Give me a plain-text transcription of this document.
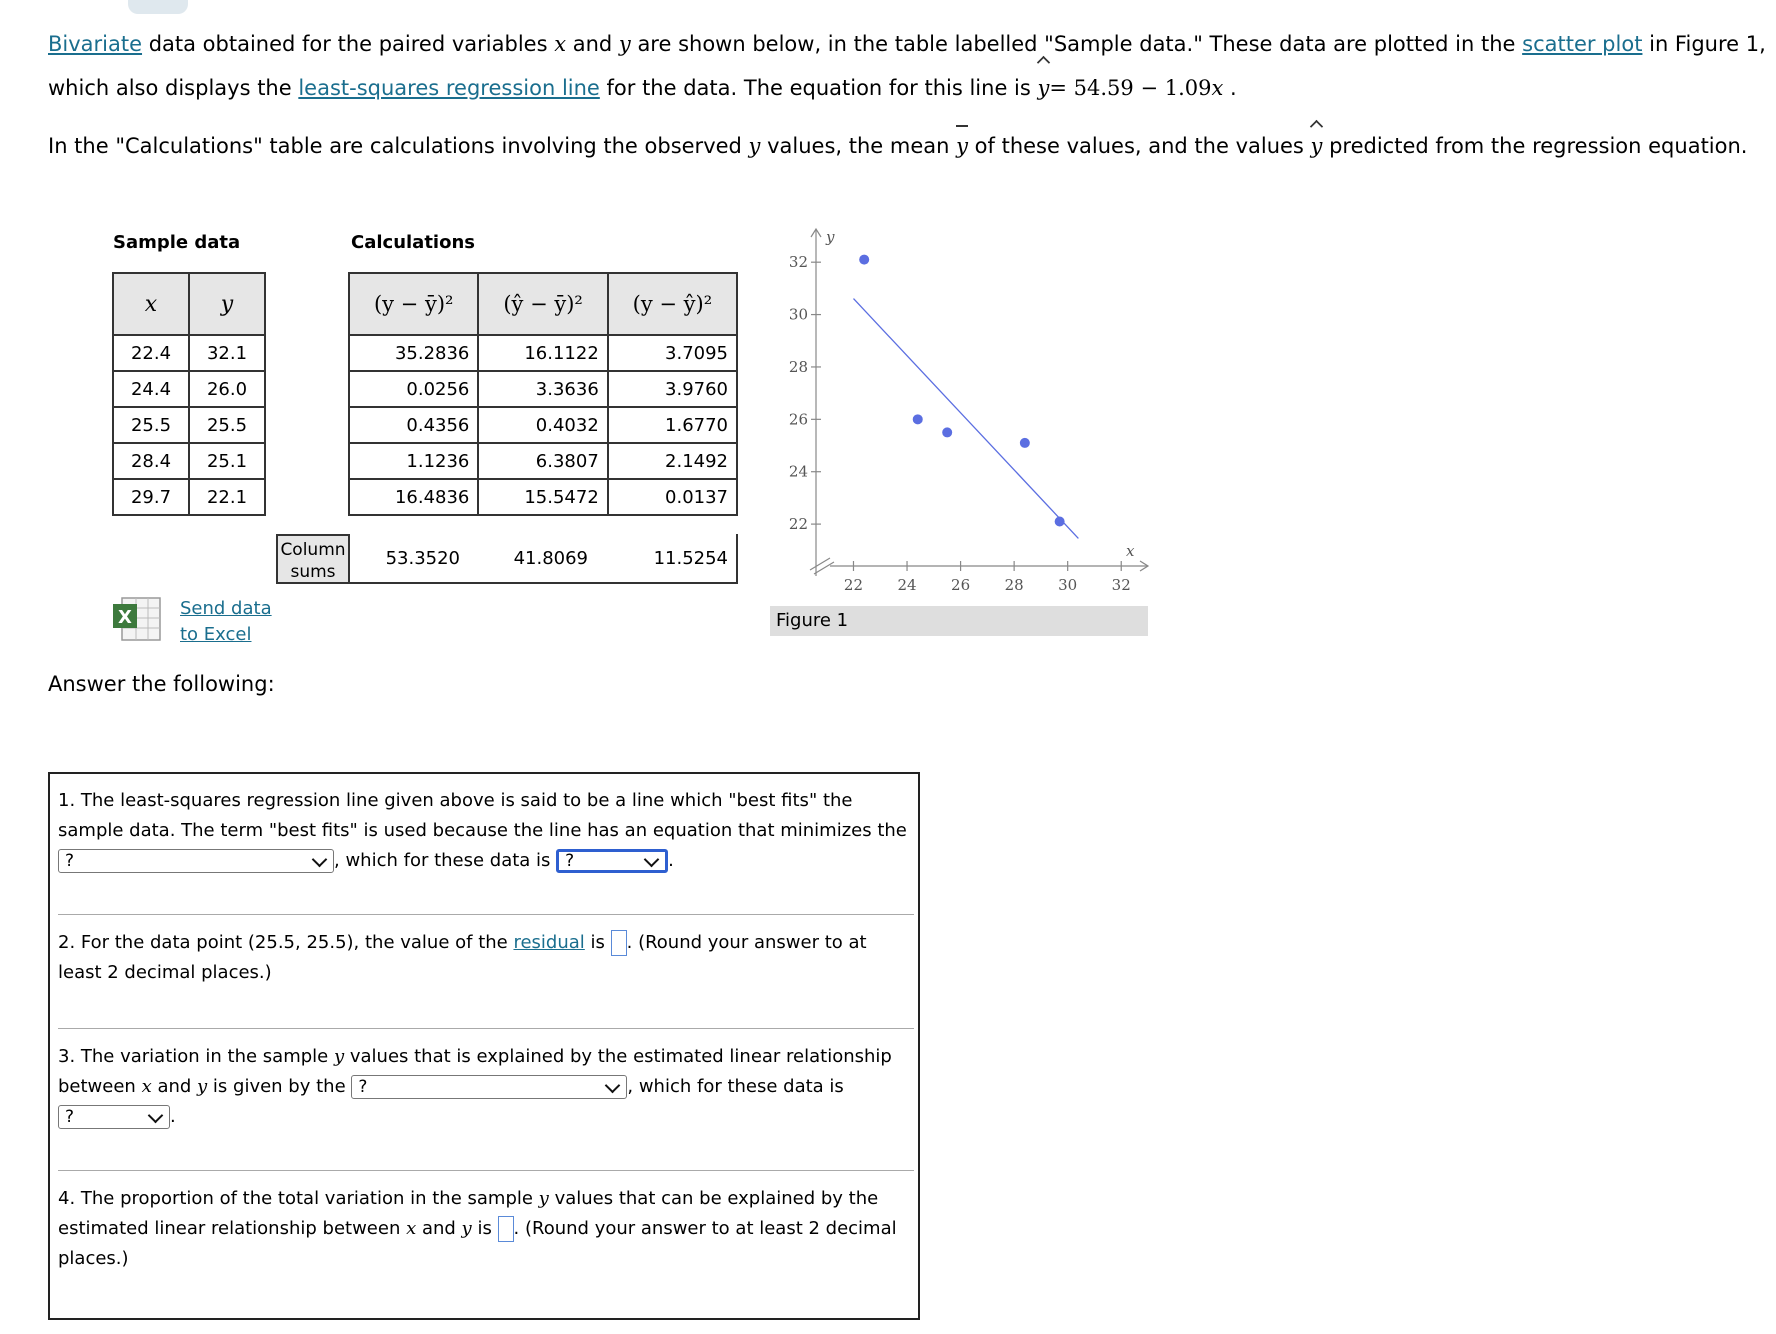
Bivariate data obtained for the paired variables x and y are shown below, in the table labelled "Sample data." These data are plotted in the scatter plot in Figure 1, which also displays the least-squares regression line for the data. The equation for this line is y= 54.59 − 1.09x .
In the "Calculations" table are calculations involving the observed y values, the mean y of these values, and the values y predicted from the regression equation.
Sample data	Calculations
x	y
22.4	32.1
24.4	26.0
25.5	25.5
28.4	25.1
29.7	22.1
(y − ȳ)²	(ŷ − ȳ)²	(y − ŷ)²
35.2836	16.1122	3.7095
0.0256	3.3636	3.9760
0.4356	0.4032	1.6770
1.1236	6.3807	2.1492
16.4836	15.5472	0.0137
Column
sums
53.3520	41.8069	11.5254
X	Send data
to Excel
Answer the following:
22 24 26 28 30 32
22
24
26
28
30
32
y
x
Figure 1
1. The least-squares regression line given above is said to be a line which "best fits" the sample data. The term "best fits" is used because the line has an equation that minimizes the ?	, which for these data is ?	.
2. For the data point (25.5, 25.5), the value of the residual is . (Round your answer to at least 2 decimal places.)
3. The variation in the sample y values that is explained by the estimated linear relationship between x and y is given by the ?	, which for these data is ?	.
4. The proportion of the total variation in the sample y values that can be explained by the estimated linear relationship between x and y is . (Round your answer to at least 2 decimal places.)
